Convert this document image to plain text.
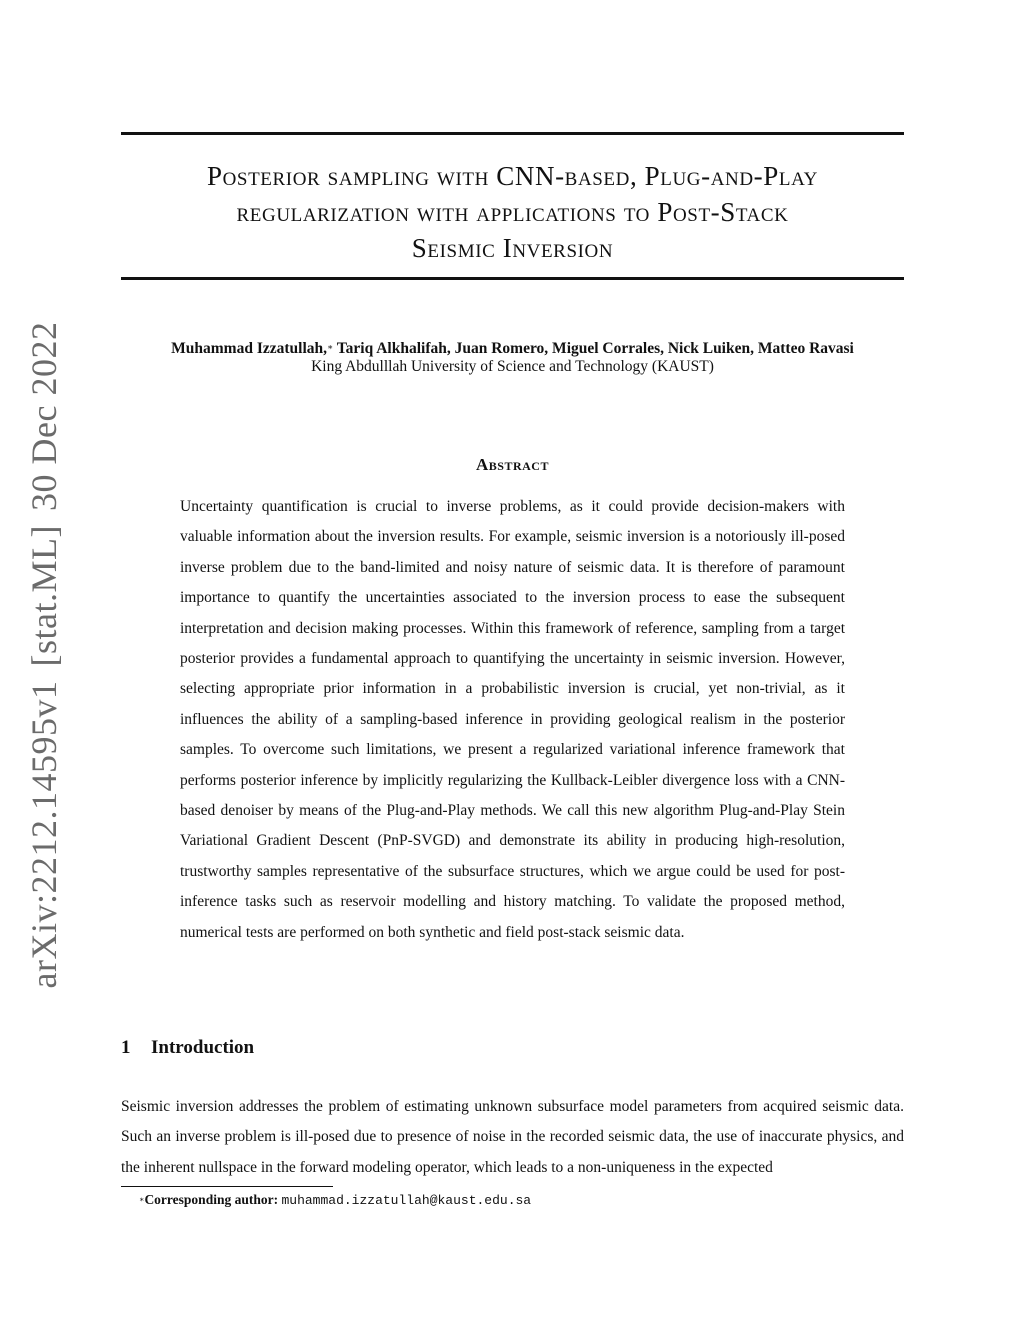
arXiv:2212.14595v1[stat.ML]30 Dec 2022
Posterior sampling with CNN-based, Plug-and-Play
regularization with applications to Post-Stack
Seismic Inversion
Muhammad Izzatullah,∗ Tariq Alkhalifah, Juan Romero, Miguel Corrales, Nick Luiken, Matteo Ravasi
King Abdulllah University of Science and Technology (KAUST)
Abstract

Uncertainty quantification is crucial to inverse problems, as it could provide decision-makers with valuable information about the inversion results. For example, seismic inversion is a notoriously ill-posed inverse problem due to the band-limited and noisy nature of seismic data. It is therefore of paramount importance to quantify the uncertainties associated to the inversion process to ease the subsequent interpretation and decision making processes. Within this framework of reference, sampling from a target posterior provides a fundamental approach to quantifying the uncertainty in seismic inversion. However, selecting appropriate prior information in a probabilistic inversion is crucial, yet non-trivial, as it influences the ability of a sampling-based inference in providing geological realism in the posterior samples. To overcome such limitations, we present a regularized variational inference framework that performs posterior inference by implicitly regularizing the Kullback-Leibler divergence loss with a CNN-based denoiser by means of the Plug-and-Play methods. We call this new algorithm Plug-and-Play Stein Variational Gradient Descent (PnP-SVGD) and demonstrate its ability in producing high-resolution, trustworthy samples representative of the subsurface structures, which we argue could be used for post-inference tasks such as reservoir modelling and history matching. To validate the proposed method, numerical tests are performed on both synthetic and field post-stack seismic data.

1 Introduction

Seismic inversion addresses the problem of estimating unknown subsurface model parameters from acquired seismic data. Such an inverse problem is ill-posed due to presence of noise in the recorded seismic data, the use of inaccurate physics, and the inherent nullspace in the forward modeling operator, which leads to a non-uniqueness in the expected

∗Corresponding author: muhammad.izzatullah@kaust.edu.sa
